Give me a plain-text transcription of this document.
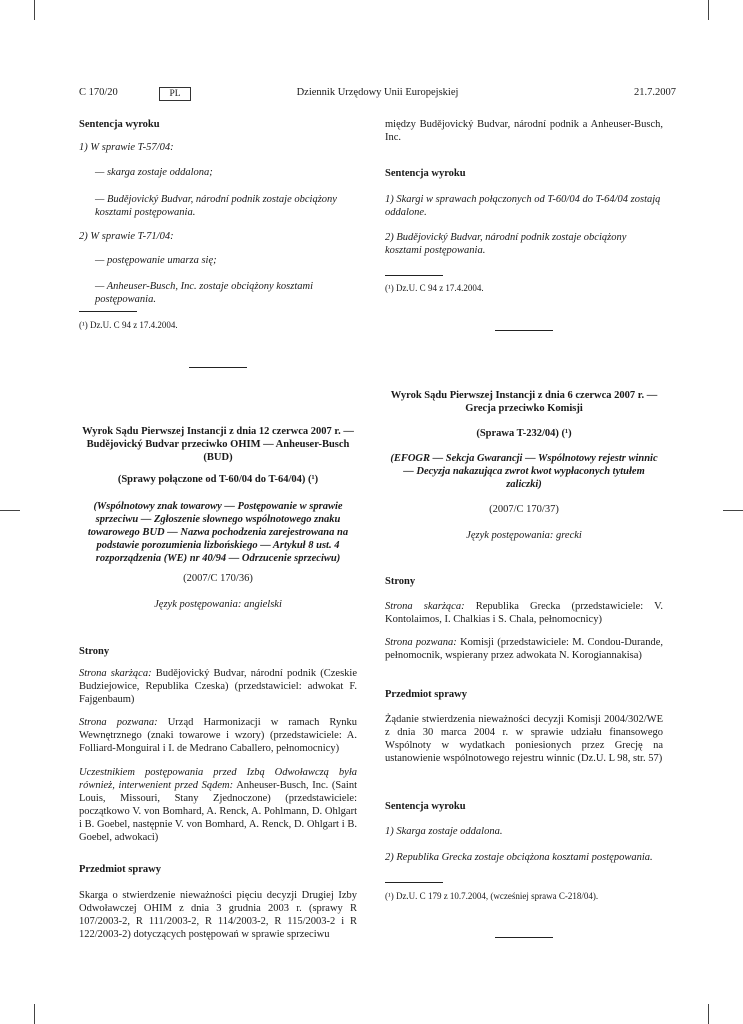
Dziennik Urzędowy Unii Europejskiej
C 170/20	PL	21.7.2007

Sentencja wyroku

1) W sprawie T-57/04:

— skarga zostaje oddalona;

— Budějovický Budvar, národní podnik zostaje obciążony kosztami postępowania.

2) W sprawie T-71/04:

— postępowanie umarza się;

— Anheuser-Busch, Inc. zostaje obciążony kosztami postępowania.

(¹) Dz.U. C 94 z 17.4.2004.

Wyrok Sądu Pierwszej Instancji z dnia 12 czerwca 2007 r. — Budějovický Budvar przeciwko OHIM — Anheuser-Busch (BUD)

(Sprawy połączone od T-60/04 do T-64/04) (¹)

(Wspólnotowy znak towarowy — Postępowanie w sprawie sprzeciwu — Zgłoszenie słownego wspólnotowego znaku towarowego BUD — Nazwa pochodzenia zarejestrowana na podstawie porozumienia lizbońskiego — Artykuł 8 ust. 4 rozporządzenia (WE) nr 40/94 — Odrzucenie sprzeciwu)

(2007/C 170/36)

Język postępowania: angielski

Strony

Strona skarżąca: Budějovický Budvar, národní podnik (Czeskie Budziejowice, Republika Czeska) (przedstawiciel: adwokat F. Fajgenbaum)

Strona pozwana: Urząd Harmonizacji w ramach Rynku Wewnętrznego (znaki towarowe i wzory) (przedstawiciele: A. Folliard-Monguiral i I. de Medrano Caballero, pełnomocnicy)

Uczestnikiem postępowania przed Izbą Odwoławczą była również, interwenient przed Sądem: Anheuser-Busch, Inc. (Saint Louis, Missouri, Stany Zjednoczone) (przedstawiciele: początkowo V. von Bomhard, A. Renck, A. Pohlmann, D. Ohlgart i B. Goebel, następnie V. von Bomhard, A. Renck, D. Ohlgart i B. Goebel, adwokaci)

Przedmiot sprawy

Skarga o stwierdzenie nieważności pięciu decyzji Drugiej Izby Odwoławczej OHIM z dnia 3 grudnia 2003 r. (sprawy R 107/2003-2, R 111/2003-2, R 114/2003-2, R 115/2003-2 i R 122/2003-2) dotyczących postępowań w sprawie sprzeciwu

między Budějovický Budvar, národní podnik a Anheuser-Busch, Inc.

Sentencja wyroku

1) Skargi w sprawach połączonych od T-60/04 do T-64/04 zostają oddalone.

2) Budějovický Budvar, národní podnik zostaje obciążony kosztami postępowania.

(¹) Dz.U. C 94 z 17.4.2004.

Wyrok Sądu Pierwszej Instancji z dnia 6 czerwca 2007 r. — Grecja przeciwko Komisji

(Sprawa T-232/04) (¹)

(EFOGR — Sekcja Gwarancji — Wspólnotowy rejestr winnic — Decyzja nakazująca zwrot kwot wypłaconych tytułem zaliczki)

(2007/C 170/37)

Język postępowania: grecki

Strony

Strona skarżąca: Republika Grecka (przedstawiciele: V. Kontolaimos, I. Chalkias i S. Chala, pełnomocnicy)

Strona pozwana: Komisji (przedstawiciele: M. Condou-Durande, pełnomocnik, wspierany przez adwokata N. Korogiannakisa)

Przedmiot sprawy

Żądanie stwierdzenia nieważności decyzji Komisji 2004/302/WE z dnia 30 marca 2004 r. w sprawie udziału finansowego Wspólnoty w wydatkach poniesionych przez Grecję na ustanowienie wspólnotowego rejestru winnic (Dz.U. L 98, str. 57)

Sentencja wyroku

1) Skarga zostaje oddalona.

2) Republika Grecka zostaje obciążona kosztami postępowania.

(¹) Dz.U. C 179 z 10.7.2004, (wcześniej sprawa C-218/04).
